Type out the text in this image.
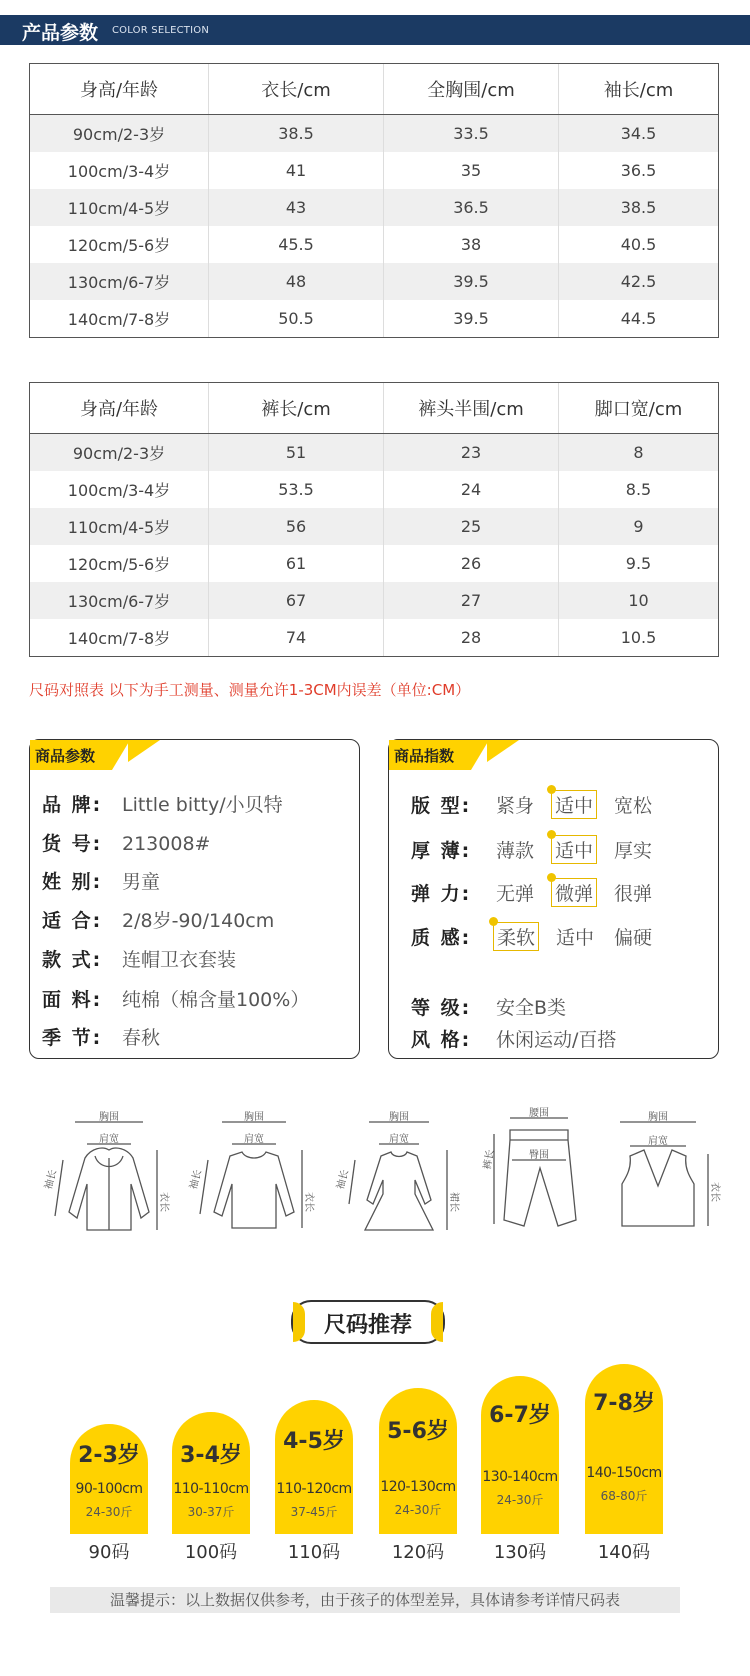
产品参数 COLOR SELECTION
身高/年龄	衣长/cm	全胸围/cm	袖长/cm
90cm/2-3岁	38.5	33.5	34.5
100cm/3-4岁	41	35	36.5
110cm/4-5岁	43	36.5	38.5
120cm/5-6岁	45.5	38	40.5
130cm/6-7岁	48	39.5	42.5
140cm/7-8岁	50.5	39.5	44.5
身高/年龄	裤长/cm	裤头半围/cm	脚口宽/cm
90cm/2-3岁	51	23	8
100cm/3-4岁	53.5	24	8.5
110cm/4-5岁	56	25	9
120cm/5-6岁	61	26	9.5
130cm/6-7岁	67	27	10
140cm/7-8岁	74	28	10.5
尺码对照表 以下为手工测量、测量允许1-3CM内误差（单位:CM）
商品参数
品 牌: Little bitty/小贝特
货 号: 213008#
姓 别: 男童
适 合: 2/8岁-90/140cm
款 式: 连帽卫衣套装
面 料: 纯棉（棉含量100%）
季 节: 春秋
商品指数
版 型: 紧身 适中 宽松
厚 薄: 薄款 适中 厚实
弹 力: 无弹 微弹 很弹
质 感: 柔软 适中 偏硬
等 级: 安全B类
风 格: 休闲运动/百搭
胸围
肩宽
衣长
袖长
胸围
肩宽
衣长
袖长
胸围
肩宽
裙长
袖长
腰围
臀围
裤长
胸围
肩宽
衣长
尺码推荐
2-3岁
90-100cm
24-30斤
90码
3-4岁
110-110cm
30-37斤
100码
4-5岁
110-120cm
37-45斤
110码
5-6岁
120-130cm
24-30斤
120码
6-7岁
130-140cm
24-30斤
130码
7-8岁
140-150cm
68-80斤
140码
温馨提示：以上数据仅供参考，由于孩子的体型差异，具体请参考详情尺码表
